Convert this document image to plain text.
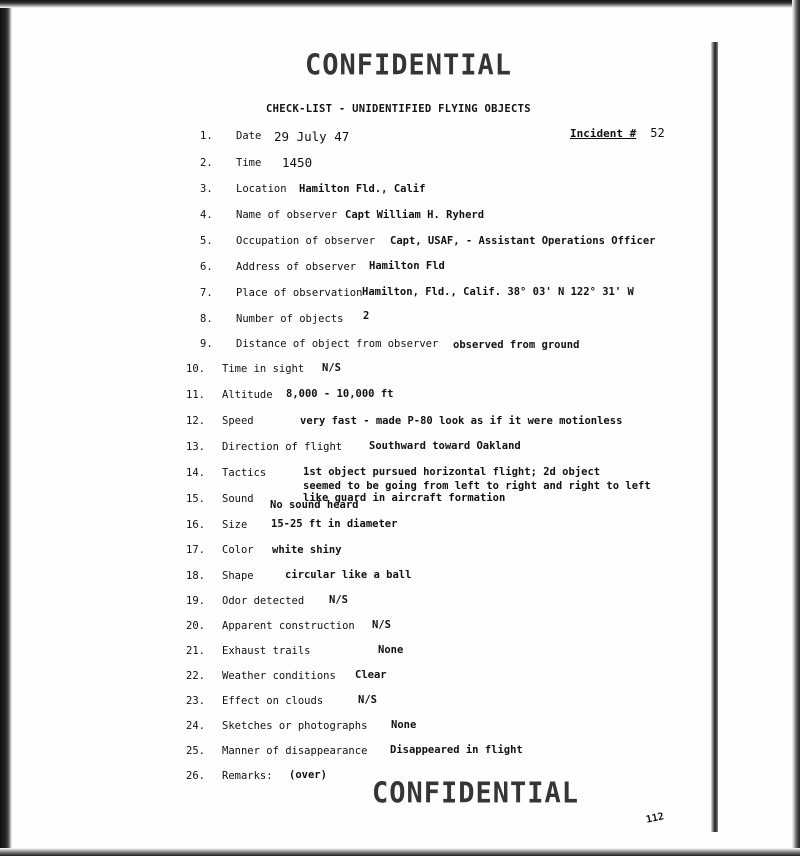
CONFIDENTIAL
CHECK-LIST - UNIDENTIFIED FLYING OBJECTS
Incident # 52
1.	Date 29 July 47
2.	Time 1450
3.	Location Hamilton Fld., Calif
4.	Name of observer Capt William H. Ryherd
5.	Occupation of observer Capt, USAF, - Assistant Operations Officer
6.	Address of observer Hamilton Fld
7.	Place of observation Hamilton, Fld., Calif. 38° 03' N 122° 31' W
8.	Number of objects 2
9.	Distance of object from observer observed from ground
10.	Time in sight N/S
11.	Altitude 8,000 - 10,000 ft
12.	Speed	very fast - made P-80 look as if it were motionless
13.	Direction of flight	Southward toward Oakland
14.	Tactics	1st object pursued horizontal flight; 2d object
seemed to be going from left to right and right to left
like guard in aircraft formation
15.	Sound No sound heard
16.	Size 15-25 ft in diameter
17.	Color white shiny
18.	Shape	circular like a ball
19.	Odor detected N/S
20.	Apparent construction N/S
21.	Exhaust trails	None
22.	Weather conditions Clear
23.	Effect on clouds	N/S
24.	Sketches or photographs None
25.	Manner of disappearance Disappeared in flight
26.	Remarks: (over)
CONFIDENTIAL
112
